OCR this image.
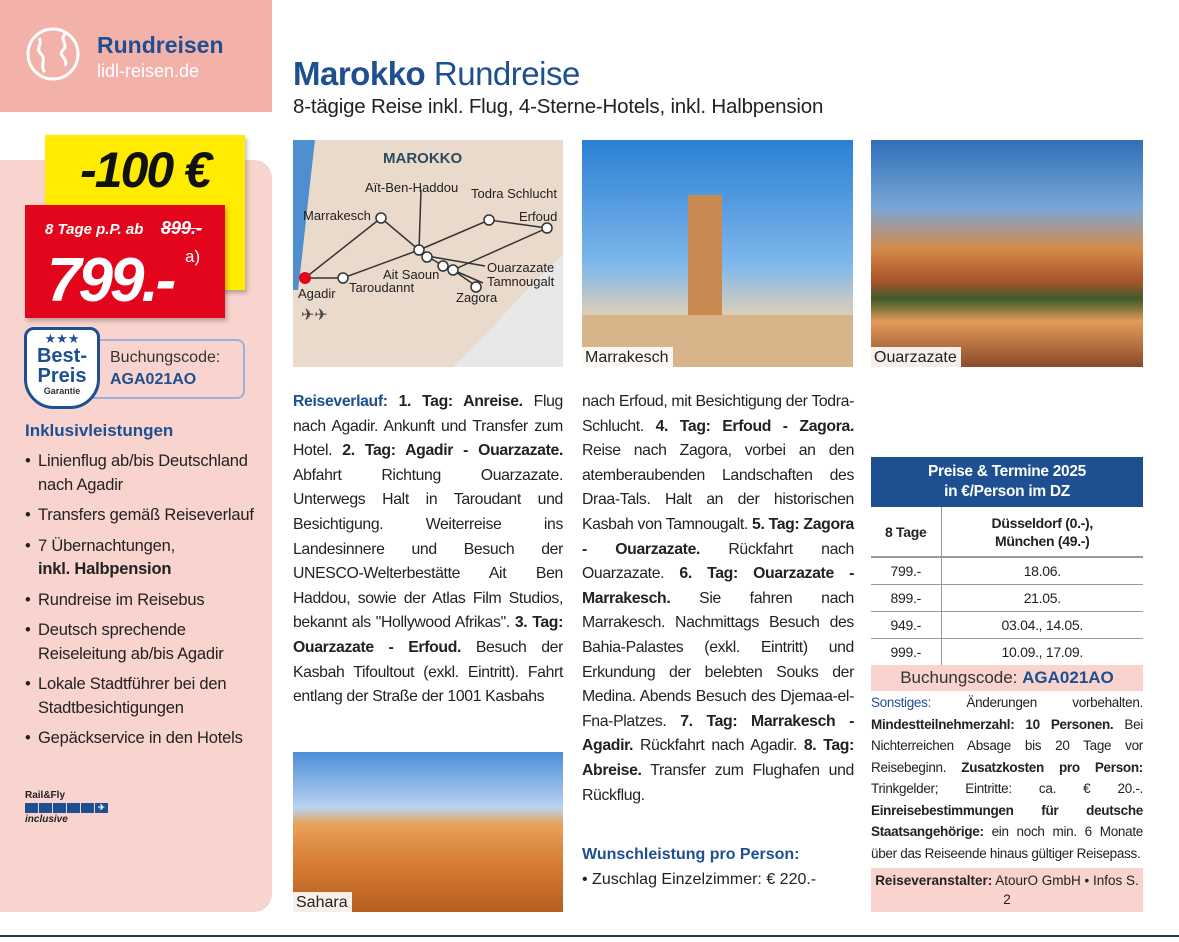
Rundreisen
lidl-reisen.de
-100 €
8 Tage p.P. ab 899.-
799.- a)
Buchungscode:
AGA021AO
★★★
Best-
Preis
Garantie
Inklusivleistungen
• Linienflug ab/bis Deutschland nach Agadir
• Transfers gemäß Reiseverlauf
• 7 Übernachtungen,
inkl. Halbpension
• Rundreise im Reisebus
• Deutsch sprechende Reiseleitung ab/bis Agadir
• Lokale Stadtführer bei den Stadtbesichtigungen
• Gepäckservice in den Hotels
Rail&Fly
✈
inclusive
Marokko Rundreise
8-tägige Reise inkl. Flug, 4-Sterne-Hotels, inkl. Halbpension
MAROKKO
Aït-Ben-Haddou Todra Schlucht
Marrakesch	Erfoud
Ait Saoun	Ouarzazate
Tamnougalt
Agadir Taroudannt
Zagora
✈✈
Marrakesch	Ouarzazate
Sahara
Reiseverlauf: 1. Tag: Anreise. Flug nach Agadir. Ankunft und Transfer zum Hotel. 2. Tag: Agadir - Ouarzazate. Abfahrt Richtung Ouarzazate. Unterwegs Halt in Taroudant und Besichtigung. Weiterreise ins Landesinnere und Besuch der UNESCO-Welterbestätte Ait Ben Haddou, sowie der Atlas Film Studios, bekannt als "Hollywood Afrikas". 3. Tag: Ouarzazate - Erfoud. Besuch der Kasbah Tifoultout (exkl. Eintritt). Fahrt entlang der Straße der 1001 Kasbahs
nach Erfoud, mit Besichtigung der Todra-Schlucht. 4. Tag: Erfoud - Zagora. Reise nach Zagora, vorbei an den atemberaubenden Landschaften des Draa-Tals. Halt an der historischen Kasbah von Tamnougalt. 5. Tag: Zagora - Ouarzazate. Rückfahrt nach Ouarzazate. 6. Tag: Ouarzazate - Marrakesch. Sie fahren nach Marrakesch. Nachmittags Besuch des Bahia-Palastes (exkl. Eintritt) und Erkundung der belebten Souks der Medina. Abends Besuch des Djemaa-el-Fna-Platzes. 7. Tag: Marrakesch - Agadir. Rückfahrt nach Agadir. 8. Tag: Abreise. Transfer zum Flughafen und Rückflug.
Wunschleistung pro Person:
• Zuschlag Einzelzimmer: € 220.-
Preise & Termine 2025
in €/Person im DZ
8 Tage	Düsseldorf (0.-),
München (49.-)

799.-	18.06.
899.-	21.05.
949.-	03.04., 14.05.
999.-	10.09., 17.09.
Buchungscode: AGA021AO
Sonstiges: Änderungen vorbehalten. Mindestteilnehmerzahl: 10 Personen. Bei Nichterreichen Absage bis 20 Tage vor Reisebeginn. Zusatzkosten pro Person: Trinkgelder; Eintritte: ca. € 20.-. Einreisebestimmungen für deutsche Staatsangehörige: ein noch min. 6 Monate über das Reiseende hinaus gültiger Reisepass.
Reiseveranstalter: AtourO GmbH • Infos S. 2
